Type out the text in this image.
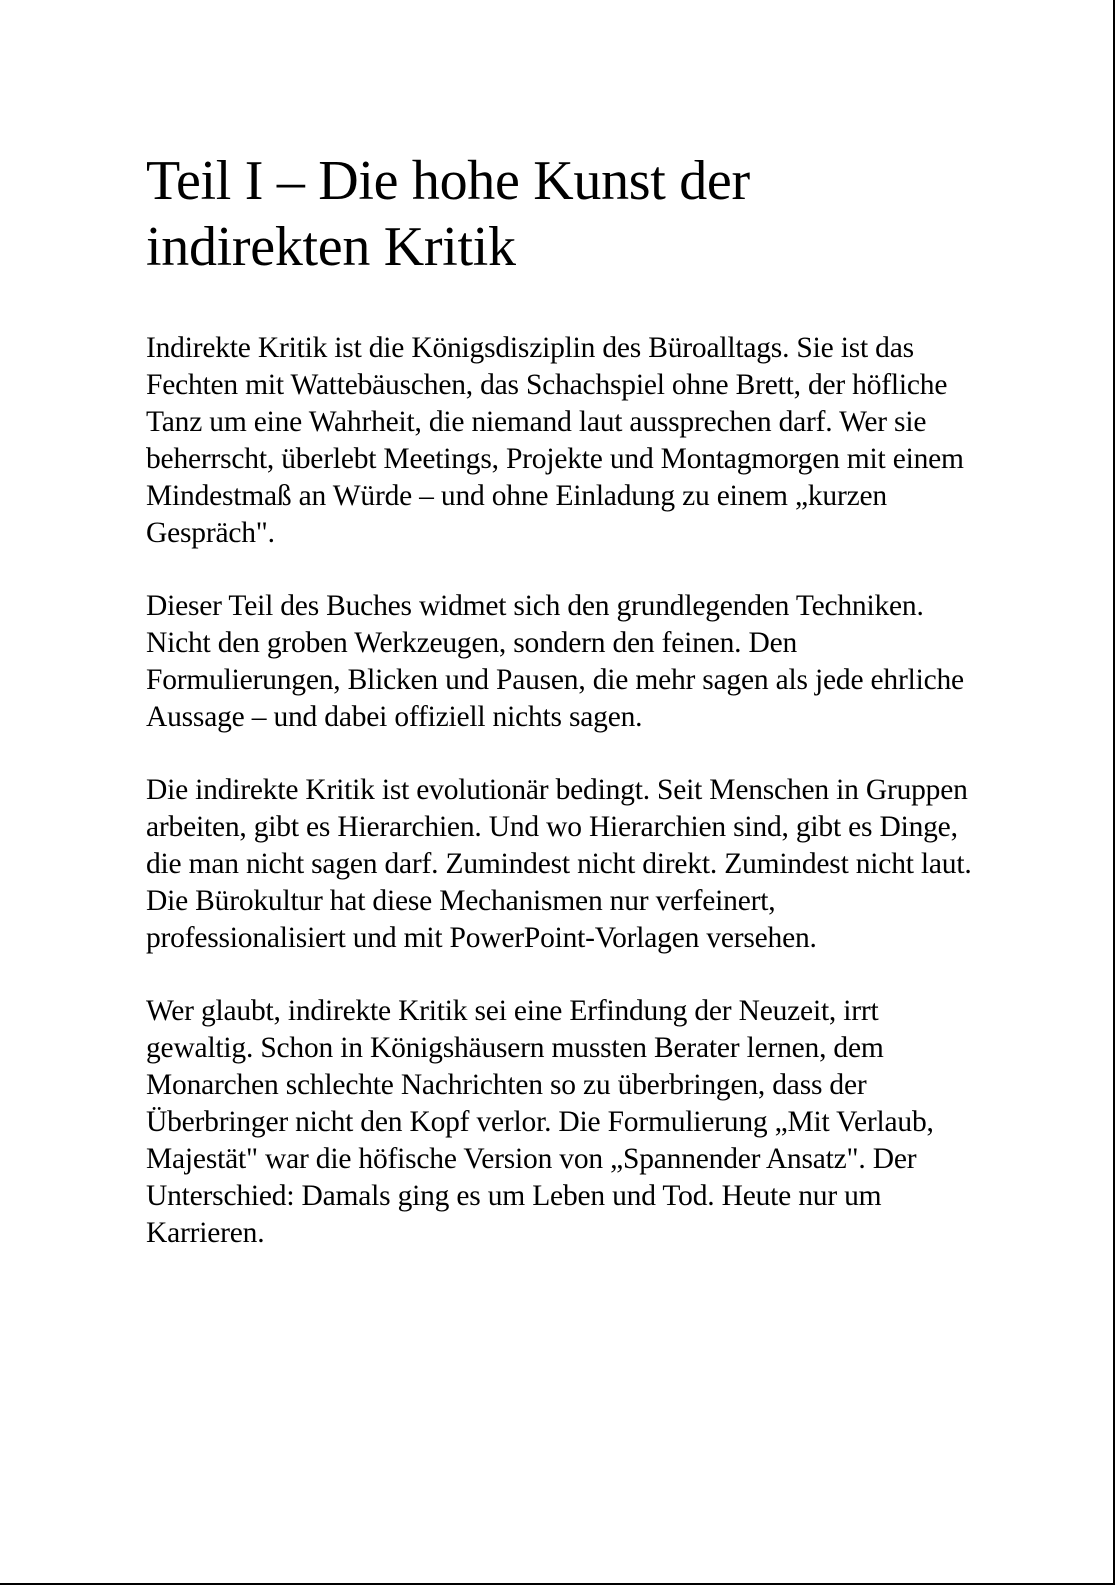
Teil I – Die hohe Kunst der indirekten Kritik

Indirekte Kritik ist die Königsdisziplin des Büroalltags. Sie ist das Fechten mit Wattebäuschen, das Schachspiel ohne Brett, der höfliche Tanz um eine Wahrheit, die niemand laut aussprechen darf. Wer sie beherrscht, überlebt Meetings, Projekte und Montagmorgen mit einem Mindestmaß an Würde – und ohne Einladung zu einem „kurzen Gespräch".

Dieser Teil des Buches widmet sich den grundlegenden Techniken. Nicht den groben Werkzeugen, sondern den feinen. Den Formulierungen, Blicken und Pausen, die mehr sagen als jede ehrliche Aussage – und dabei offiziell nichts sagen.

Die indirekte Kritik ist evolutionär bedingt. Seit Menschen in Gruppen arbeiten, gibt es Hierarchien. Und wo Hierarchien sind, gibt es Dinge, die man nicht sagen darf. Zumindest nicht direkt. Zumindest nicht laut. Die Bürokultur hat diese Mechanismen nur verfeinert, professionalisiert und mit PowerPoint-Vorlagen versehen.

Wer glaubt, indirekte Kritik sei eine Erfindung der Neuzeit, irrt gewaltig. Schon in Königshäusern mussten Berater lernen, dem Monarchen schlechte Nachrichten so zu überbringen, dass der Überbringer nicht den Kopf verlor. Die Formulierung „Mit Verlaub, Majestät" war die höfische Version von „Spannender Ansatz". Der Unterschied: Damals ging es um Leben und Tod. Heute nur um Karrieren.
